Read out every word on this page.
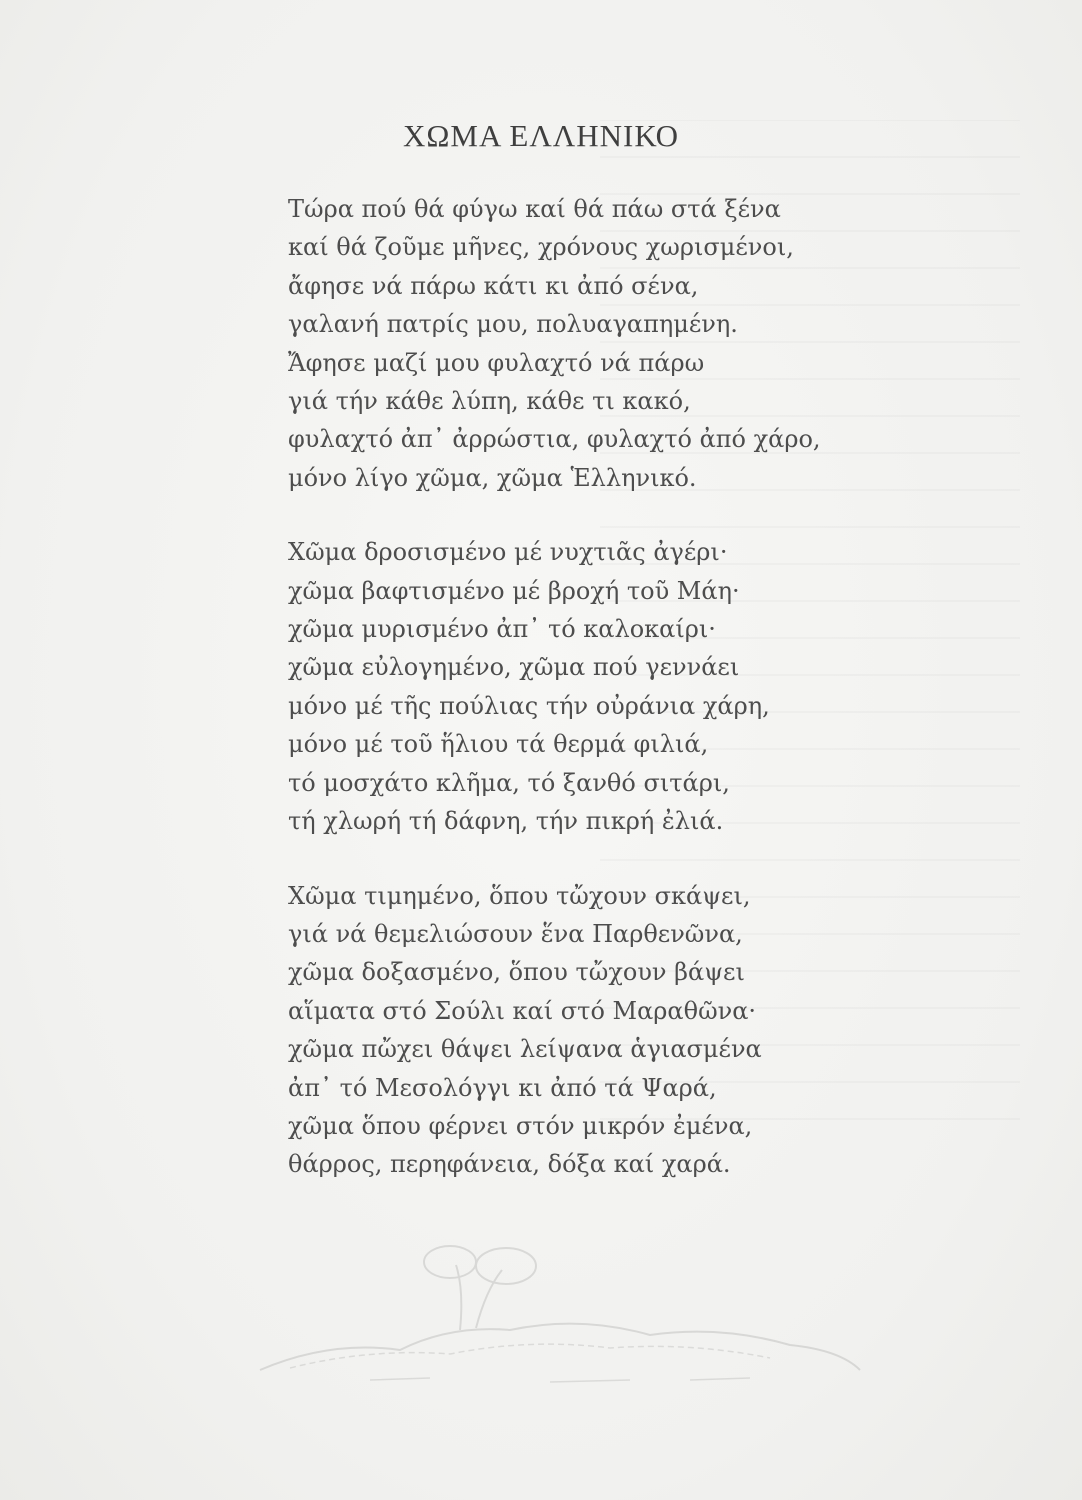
ΧΩΜΑ ΕΛΛΗΝΙΚΟ
Τώρα πού θά φύγω καί θά πάω στά ξένα
καί θά ζοῦμε μῆνες, χρόνους χωρισμένοι,
ἄφησε νά πάρω κάτι κι ἀπό σένα,
γαλανή πατρίς μου, πολυαγαπημένη.
Ἄφησε μαζί μου φυλαχτό νά πάρω
γιά τήν κάθε λύπη, κάθε τι κακό,
φυλαχτό ἀπ᾽ ἀρρώστια, φυλαχτό ἀπό χάρο,
μόνο λίγο χῶμα, χῶμα Ἑλληνικό.
Χῶμα δροσισμένο μέ νυχτιᾶς ἀγέρι·
χῶμα βαφτισμένο μέ βροχή τοῦ Μάη·
χῶμα μυρισμένο ἀπ᾽ τό καλοκαίρι·
χῶμα εὐλογημένο, χῶμα πού γεννάει
μόνο μέ τῆς πούλιας τήν οὐράνια χάρη,
μόνο μέ τοῦ ἥλιου τά θερμά φιλιά,
τό μοσχάτο κλῆμα, τό ξανθό σιτάρι,
τή χλωρή τή δάφνη, τήν πικρή ἐλιά.
Χῶμα τιμημένο, ὅπου τὤχουν σκάψει,
γιά νά θεμελιώσουν ἕνα Παρθενῶνα,
χῶμα δοξασμένο, ὅπου τὤχουν βάψει
αἵματα στό Σούλι καί στό Μαραθῶνα·
χῶμα πὤχει θάψει λείψανα ἁγιασμένα
ἀπ᾽ τό Μεσολόγγι κι ἀπό τά Ψαρά,
χῶμα ὅπου φέρνει στόν μικρόν ἐμένα,
θάρρος, περηφάνεια, δόξα καί χαρά.
